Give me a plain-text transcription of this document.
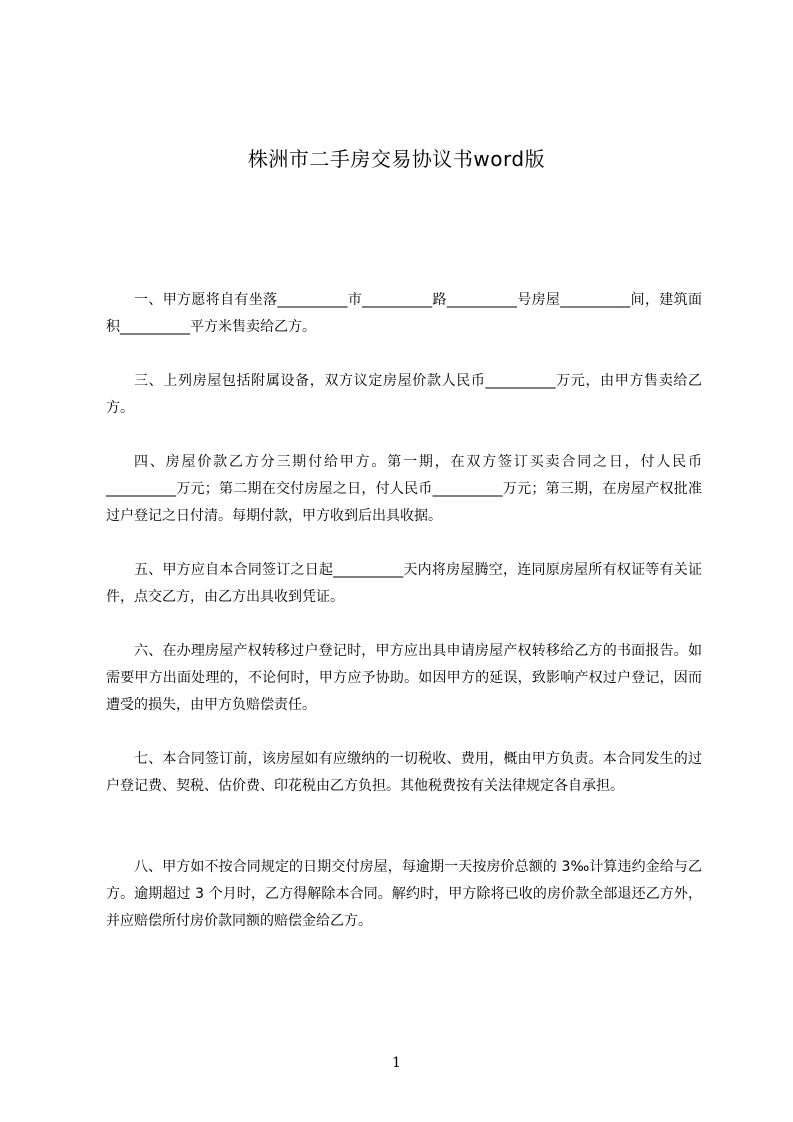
株洲市二手房交易协议书word版

一、甲方愿将自有坐落__________市__________路__________号房屋__________间，建筑面积__________平方米售卖给乙方。

三、上列房屋包括附属设备，双方议定房屋价款人民币__________万元，由甲方售卖给乙方。

四、房屋价款乙方分三期付给甲方。第一期，在双方签订买卖合同之日，付人民币__________万元；第二期在交付房屋之日，付人民币__________万元；第三期，在房屋产权批准过户登记之日付清。每期付款，甲方收到后出具收据。

五、甲方应自本合同签订之日起__________天内将房屋腾空，连同原房屋所有权证等有关证件，点交乙方，由乙方出具收到凭证。

六、在办理房屋产权转移过户登记时，甲方应出具申请房屋产权转移给乙方的书面报告。如需要甲方出面处理的，不论何时，甲方应予协助。如因甲方的延误，致影响产权过户登记，因而遭受的损失，由甲方负赔偿责任。

七、本合同签订前，该房屋如有应缴纳的一切税收、费用，概由甲方负责。本合同发生的过户登记费、契税、估价费、印花税由乙方负担。其他税费按有关法律规定各自承担。

八、甲方如不按合同规定的日期交付房屋，每逾期一天按房价总额的 3‰计算违约金给与乙方。逾期超过 3 个月时，乙方得解除本合同。解约时，甲方除将已收的房价款全部退还乙方外，并应赔偿所付房价款同额的赔偿金给乙方。

1
